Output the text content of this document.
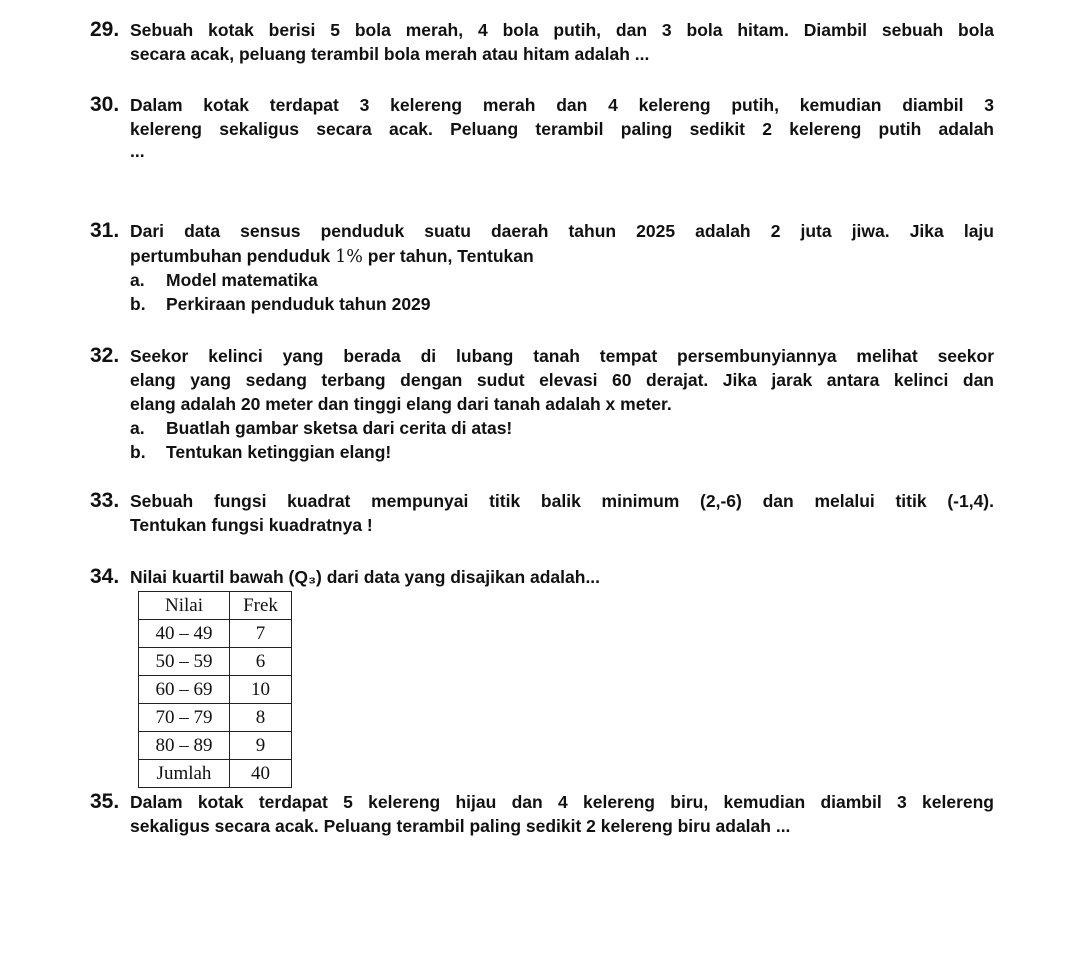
29. Sebuah kotak berisi 5 bola merah, 4 bola putih, dan 3 bola hitam. Diambil sebuah bola
secara acak, peluang terambil bola merah atau hitam adalah ...
30. Dalam kotak terdapat 3 kelereng merah dan 4 kelereng putih, kemudian diambil 3
kelereng sekaligus secara acak. Peluang terambil paling sedikit 2 kelereng putih adalah
...
31. Dari data sensus penduduk suatu daerah tahun 2025 adalah 2 juta jiwa. Jika laju
pertumbuhan penduduk 1% per tahun, Tentukan
a. Model matematika
b. Perkiraan penduduk tahun 2029
32. Seekor kelinci yang berada di lubang tanah tempat persembunyiannya melihat seekor
elang yang sedang terbang dengan sudut elevasi 60 derajat. Jika jarak antara kelinci dan
elang adalah 20 meter dan tinggi elang dari tanah adalah x meter.
a. Buatlah gambar sketsa dari cerita di atas!
b. Tentukan ketinggian elang!
33. Sebuah fungsi kuadrat mempunyai titik balik minimum (2,-6) dan melalui titik (-1,4).
Tentukan fungsi kuadratnya !
34. Nilai kuartil bawah (Q₃) dari data yang disajikan adalah...
Nilai	Frek
40 – 49	7
50 – 59	6
60 – 69	10
70 – 79	8
80 – 89	9
Jumlah	40
35. Dalam kotak terdapat 5 kelereng hijau dan 4 kelereng biru, kemudian diambil 3 kelereng
sekaligus secara acak. Peluang terambil paling sedikit 2 kelereng biru adalah ...
